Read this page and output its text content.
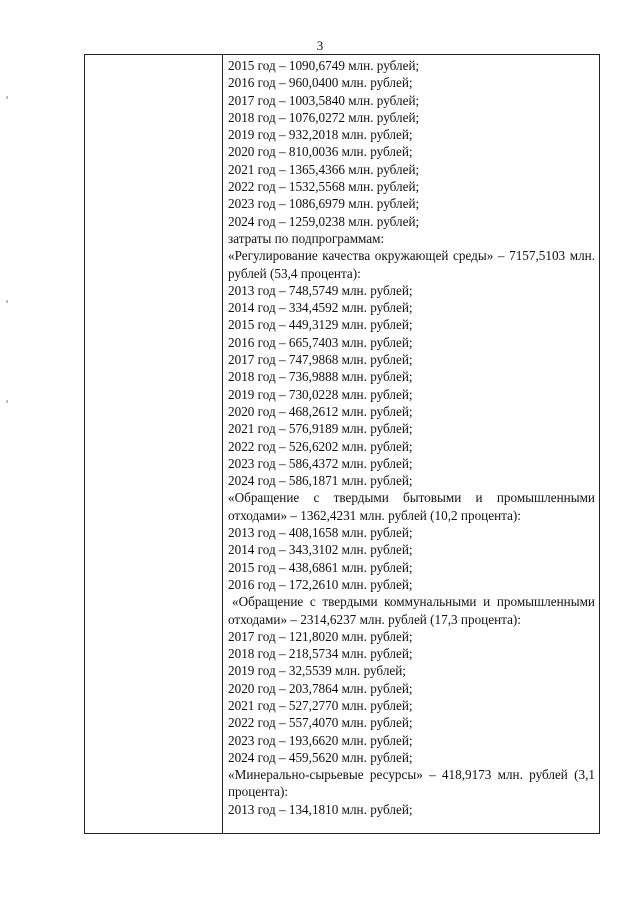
3
2015 год – 1090,6749 млн. рублей;
2016 год – 960,0400 млн. рублей;
2017 год – 1003,5840 млн. рублей;
2018 год – 1076,0272 млн. рублей;
2019 год – 932,2018 млн. рублей;
2020 год – 810,0036 млн. рублей;
2021 год – 1365,4366 млн. рублей;
2022 год – 1532,5568 млн. рублей;
2023 год – 1086,6979 млн. рублей;
2024 год – 1259,0238 млн. рублей;
затраты по подпрограммам:
«Регулирование качества окружающей среды» – 7157,5103 млн. рублей (53,4 процента):
2013 год – 748,5749 млн. рублей;
2014 год – 334,4592 млн. рублей;
2015 год – 449,3129 млн. рублей;
2016 год – 665,7403 млн. рублей;
2017 год – 747,9868 млн. рублей;
2018 год – 736,9888 млн. рублей;
2019 год – 730,0228 млн. рублей;
2020 год – 468,2612 млн. рублей;
2021 год – 576,9189 млн. рублей;
2022 год – 526,6202 млн. рублей;
2023 год – 586,4372 млн. рублей;
2024 год – 586,1871 млн. рублей;
«Обращение с твердыми бытовыми и промышленными отходами» – 1362,4231 млн. рублей (10,2 процента):
2013 год – 408,1658 млн. рублей;
2014 год – 343,3102 млн. рублей;
2015 год – 438,6861 млн. рублей;
2016 год – 172,2610 млн. рублей;
«Обращение с твердыми коммунальными и промышленными отходами» – 2314,6237 млн. рублей (17,3 процента):
2017 год – 121,8020 млн. рублей;
2018 год – 218,5734 млн. рублей;
2019 год – 32,5539 млн. рублей;
2020 год – 203,7864 млн. рублей;
2021 год – 527,2770 млн. рублей;
2022 год – 557,4070 млн. рублей;
2023 год – 193,6620 млн. рублей;
2024 год – 459,5620 млн. рублей;
«Минерально-сырьевые ресурсы» – 418,9173 млн. рублей (3,1 процента):
2013 год – 134,1810 млн. рублей;
